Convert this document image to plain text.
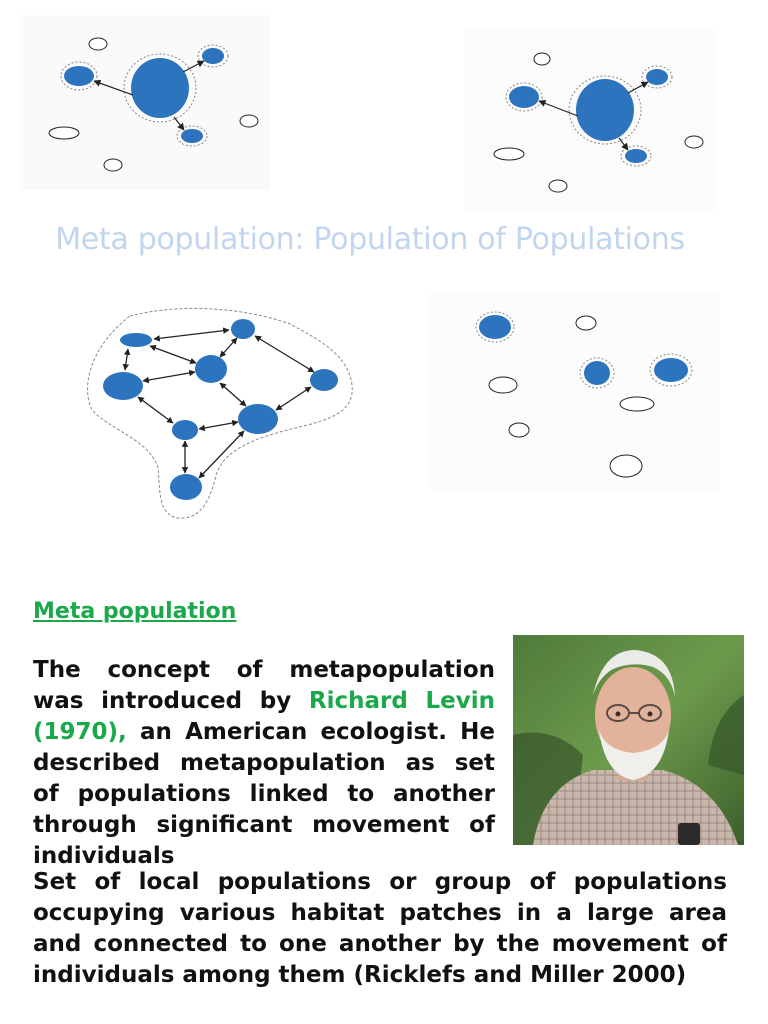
Meta population: Population of Populations
Meta population

The concept of metapopulation was introduced by Richard Levin (1970), an American ecologist. He described metapopulation as set of populations linked to another through significant movement of individuals

Set of local populations or group of populations occupying various habitat patches in a large area and connected to one another by the movement of individuals among them (Ricklefs and Miller 2000)
